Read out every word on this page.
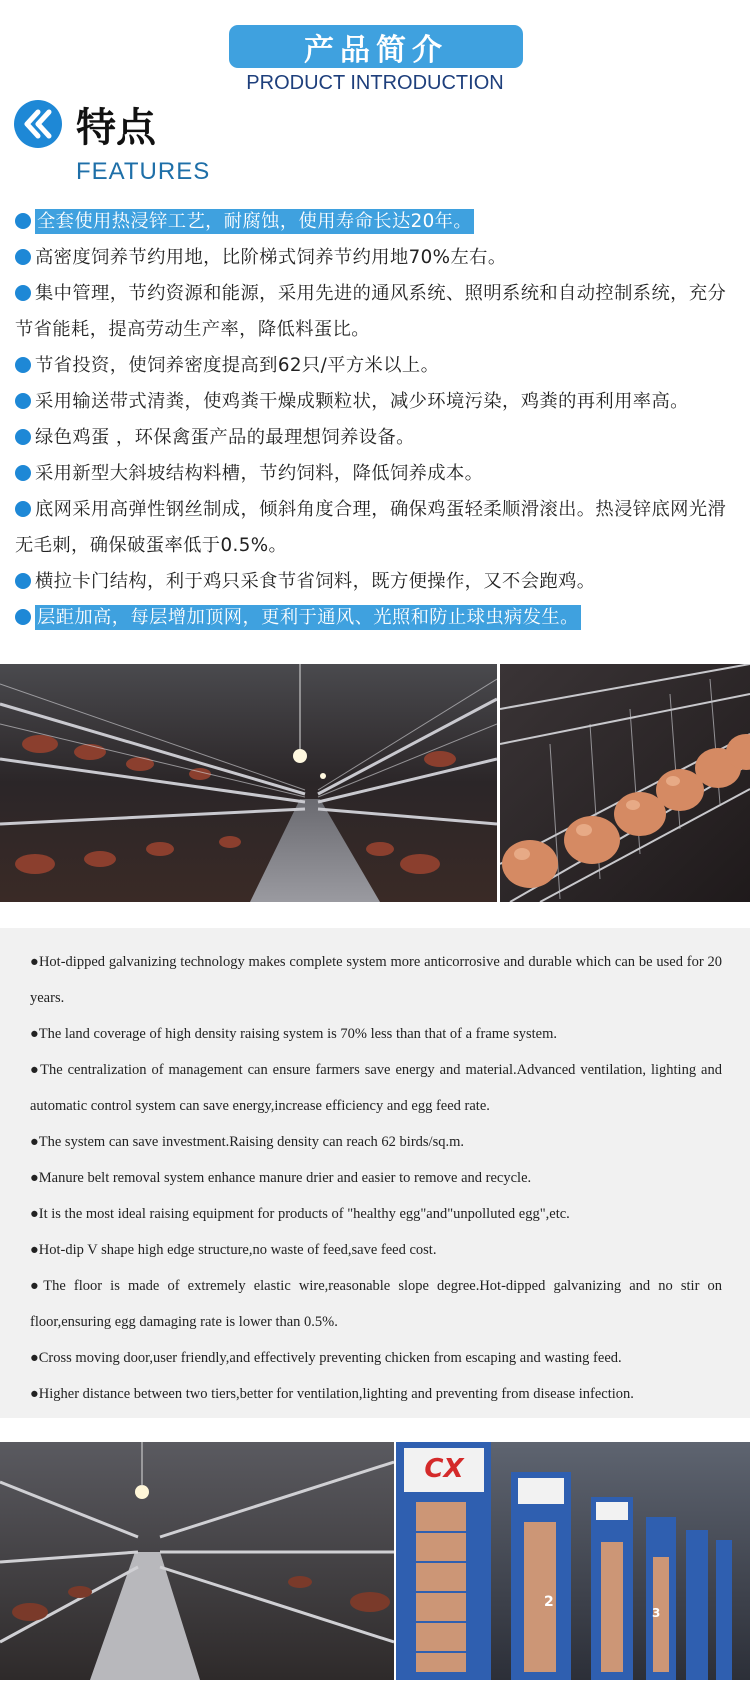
产品简介
PRODUCT INTRODUCTION
特点
FEATURES
全套使用热浸锌工艺，耐腐蚀，使用寿命长达20年。
高密度饲养节约用地，比阶梯式饲养节约用地70%左右。
集中管理，节约资源和能源，采用先进的通风系统、照明系统和自动控制系统，充分节省能耗，提高劳动生产率，降低料蛋比。
节省投资，使饲养密度提高到62只/平方米以上。
采用输送带式清粪，使鸡粪干燥成颗粒状，减少环境污染，鸡粪的再利用率高。
绿色鸡蛋 ，环保禽蛋产品的最理想饲养设备。
采用新型大斜坡结构料槽，节约饲料，降低饲养成本。
底网采用高弹性钢丝制成，倾斜角度合理，确保鸡蛋轻柔顺滑滚出。热浸锌底网光滑无毛刺，确保破蛋率低于0.5%。
横拉卡门结构，利于鸡只采食节省饲料，既方便操作，又不会跑鸡。
层距加高，每层增加顶网，更利于通风、光照和防止球虫病发生。
●Hot-dipped galvanizing technology makes complete system more anticorrosive and durable which can be used for 20 years.
●The land coverage of high density raising system is 70% less than that of a frame system.
●The centralization of management can ensure farmers save energy and material.Advanced ventilation, lighting and automatic control system can save energy,increase efficiency and egg feed rate.
●The system can save investment.Raising density can reach 62 birds/sq.m.
●Manure belt removal system enhance manure drier and easier to remove and recycle.
●It is the most ideal raising equipment for products of "healthy egg"and"unpolluted egg",etc.
●Hot-dip V shape high edge structure,no waste of feed,save feed cost.
●The floor is made of extremely elastic wire,reasonable slope degree.Hot-dipped galvanizing and no stir on floor,ensuring egg damaging rate is lower than 0.5%.
●Cross moving door,user friendly,and effectively preventing chicken from escaping and wasting feed.
●Higher distance between two tiers,better for ventilation,lighting and preventing from disease infection.
CX
2
3
